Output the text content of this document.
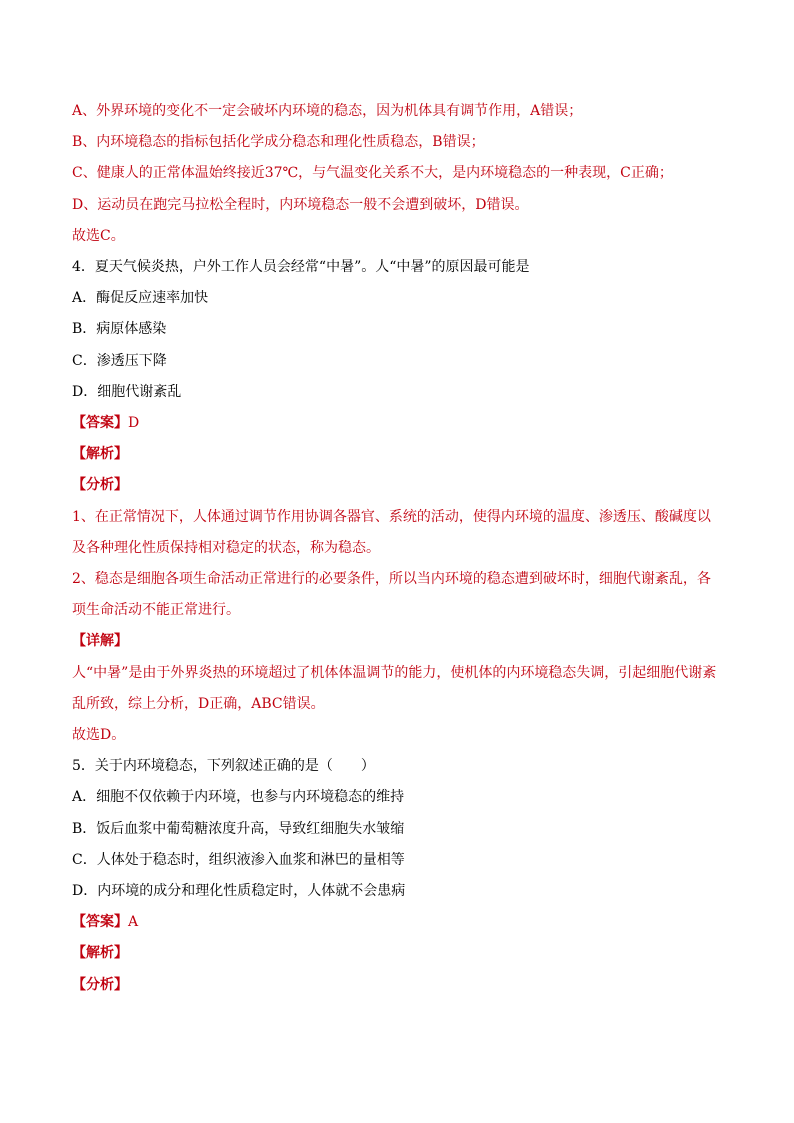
A、外界环境的变化不一定会破坏内环境的稳态，因为机体具有调节作用，A错误；
B、内环境稳态的指标包括化学成分稳态和理化性质稳态，B错误；
C、健康人的正常体温始终接近37℃，与气温变化关系不大，是内环境稳态的一种表现，C正确；
D、运动员在跑完马拉松全程时，内环境稳态一般不会遭到破坏，D错误。
故选C。
4．夏天气候炎热，户外工作人员会经常“中暑”。人“中暑”的原因最可能是
A．酶促反应速率加快
B．病原体感染
C．渗透压下降
D．细胞代谢紊乱
【答案】D
【解析】
【分析】
1、在正常情况下，人体通过调节作用协调各器官、系统的活动，使得内环境的温度、渗透压、酸碱度以及各种理化性质保持相对稳定的状态，称为稳态。
2、稳态是细胞各项生命活动正常进行的必要条件，所以当内环境的稳态遭到破坏时，细胞代谢紊乱，各项生命活动不能正常进行。
【详解】
人“中暑”是由于外界炎热的环境超过了机体体温调节的能力，使机体的内环境稳态失调，引起细胞代谢紊乱所致，综上分析，D正确，ABC错误。
故选D。
5．关于内环境稳态，下列叙述正确的是（　　）
A．细胞不仅依赖于内环境，也参与内环境稳态的维持
B．饭后血浆中葡萄糖浓度升高，导致红细胞失水皱缩
C．人体处于稳态时，组织液渗入血浆和淋巴的量相等
D．内环境的成分和理化性质稳定时，人体就不会患病
【答案】A
【解析】
【分析】
